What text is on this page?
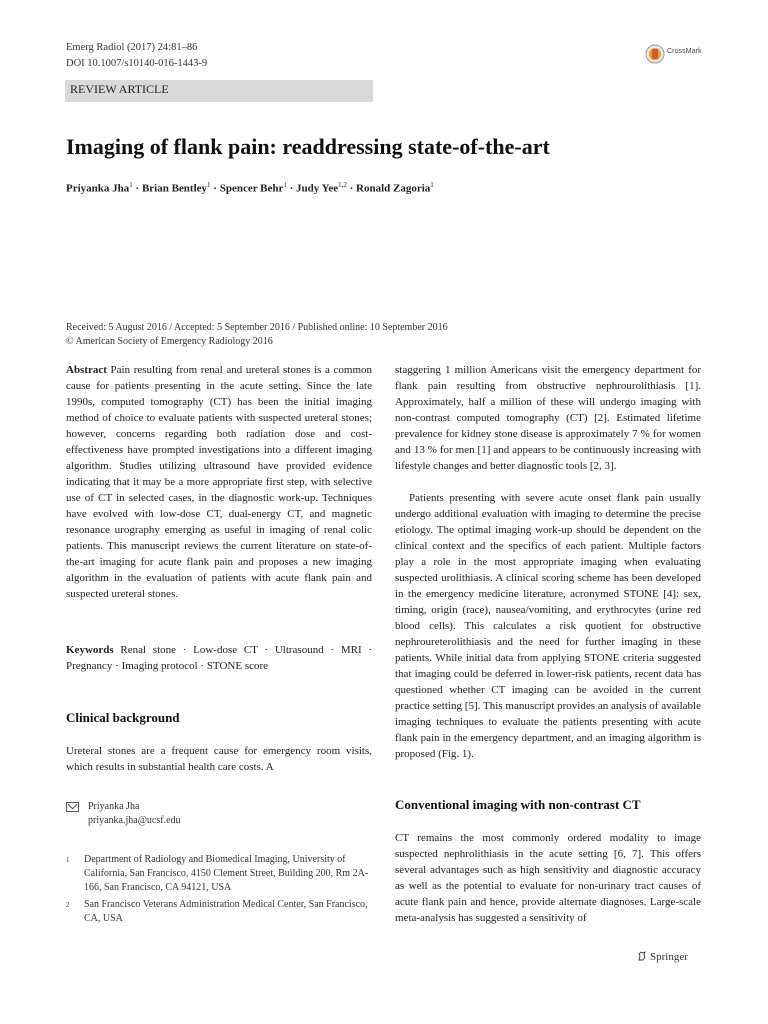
Emerg Radiol (2017) 24:81–86
DOI 10.1007/s10140-016-1443-9
CrossMark
REVIEW ARTICLE
Imaging of flank pain: readdressing state-of-the-art
Priyanka Jha$^1$ · Brian Bentley$^1$ · Spencer Behr$^1$ · Judy Yee$^{1,2}$ · Ronald Zagoria$^1$
Received: 5 August 2016 / Accepted: 5 September 2016 / Published online: 10 September 2016
© American Society of Emergency Radiology 2016

Abstract Pain resulting from renal and ureteral stones is a common cause for patients presenting in the acute setting. Since the late 1990s, computed tomography (CT) has been the initial imaging method of choice to evaluate patients with suspected ureteral stones; however, concerns regarding both radiation dose and cost-effectiveness have prompted investigations into a different imaging algorithm. Studies utilizing ultrasound have provided evidence indicating that it may be a more appropriate first step, with selective use of CT in selected cases, in the diagnostic work-up. Techniques have evolved with low-dose CT, dual-energy CT, and magnetic resonance urography emerging as useful in imaging of renal colic patients. This manuscript reviews the current literature on state-of-the-art imaging for acute flank pain and proposes a new imaging algorithm in the evaluation of patients with acute flank pain and suspected ureteral stones.

Keywords Renal stone · Low-dose CT · Ultrasound · MRI · Pregnancy · Imaging protocol · STONE score

Clinical background

Ureteral stones are a frequent cause for emergency room visits, which results in substantial health care costs. A

Priyanka Jha
priyanka.jha@ucsf.edu
1 Department of Radiology and Biomedical Imaging, University of California, San Francisco, 4150 Clement Street, Building 200, Rm 2A-166, San Francisco, CA 94121, USA
2 San Francisco Veterans Administration Medical Center, San Francisco, CA, USA

staggering 1 million Americans visit the emergency department for flank pain resulting from obstructive nephrourolithiasis [1]. Approximately, half a million of these will undergo imaging with non-contrast computed tomography (CT) [2]. Estimated lifetime prevalence for kidney stone disease is approximately 7 % for women and 13 % for men [1] and appears to be continuously increasing with lifestyle changes and better diagnostic tools [2, 3].

Patients presenting with severe acute onset flank pain usually undergo additional evaluation with imaging to determine the precise etiology. The optimal imaging work-up should be dependent on the clinical context and the specifics of each patient. Multiple factors play a role in the most appropriate imaging when evaluating suspected urolithiasis. A clinical scoring scheme has been developed in the emergency medicine literature, acronymed STONE [4]: sex, timing, origin (race), nausea/vomiting, and erythrocytes (urine red blood cells). This calculates a risk quotient for obstructive nephroureterolithiasis and the need for further imaging in these patients. While initial data from applying STONE criteria suggested that imaging could be deferred in lower-risk patients, recent data has questioned whether CT imaging can be avoided in the current practice setting [5]. This manuscript provides an analysis of available imaging techniques to evaluate the patients presenting with acute flank pain in the emergency department, and an imaging algorithm is proposed (Fig. 1).

Conventional imaging with non-contrast CT

CT remains the most commonly ordered modality to image suspected nephrolithiasis in the acute setting [6, 7]. This offers several advantages such as high sensitivity and diagnostic accuracy as well as the potential to evaluate for non-urinary tract causes of acute flank pain and hence, provide alternate diagnoses. Large-scale meta-analysis has suggested a sensitivity of

Springer
